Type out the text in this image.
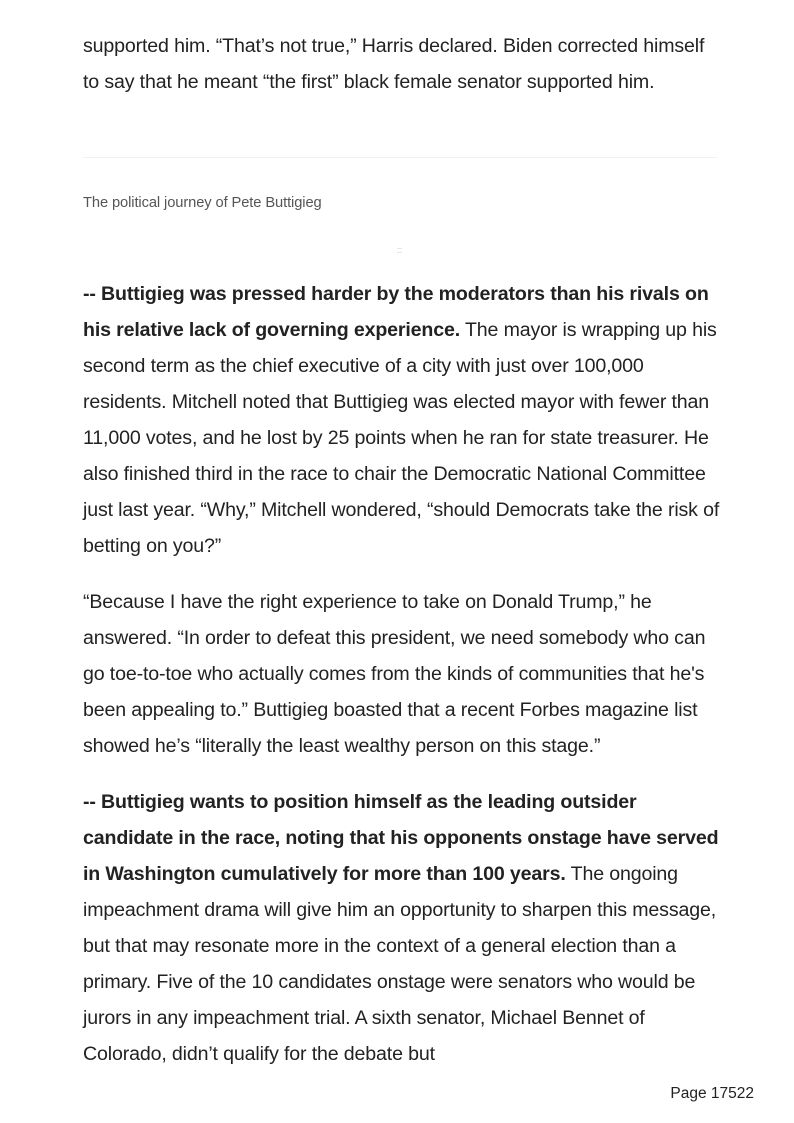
supported him. “That’s not true,” Harris declared. Biden corrected himself to say that he meant “the first” black female senator supported him.

The political journey of Pete Buttigieg

-- Buttigieg was pressed harder by the moderators than his rivals on his relative lack of governing experience. The mayor is wrapping up his second term as the chief executive of a city with just over 100,000 residents. Mitchell noted that Buttigieg was elected mayor with fewer than 11,000 votes, and he lost by 25 points when he ran for state treasurer. He also finished third in the race to chair the Democratic National Committee just last year. “Why,” Mitchell wondered, “should Democrats take the risk of betting on you?”

“Because I have the right experience to take on Donald Trump,” he answered. “In order to defeat this president, we need somebody who can go toe-to-toe who actually comes from the kinds of communities that he's been appealing to.” Buttigieg boasted that a recent Forbes magazine list showed he’s “literally the least wealthy person on this stage.”

-- Buttigieg wants to position himself as the leading outsider candidate in the race, noting that his opponents onstage have served in Washington cumulatively for more than 100 years. The ongoing impeachment drama will give him an opportunity to sharpen this message, but that may resonate more in the context of a general election than a primary. Five of the 10 candidates onstage were senators who would be jurors in any impeachment trial. A sixth senator, Michael Bennet of Colorado, didn’t qualify for the debate but

Page 17522
